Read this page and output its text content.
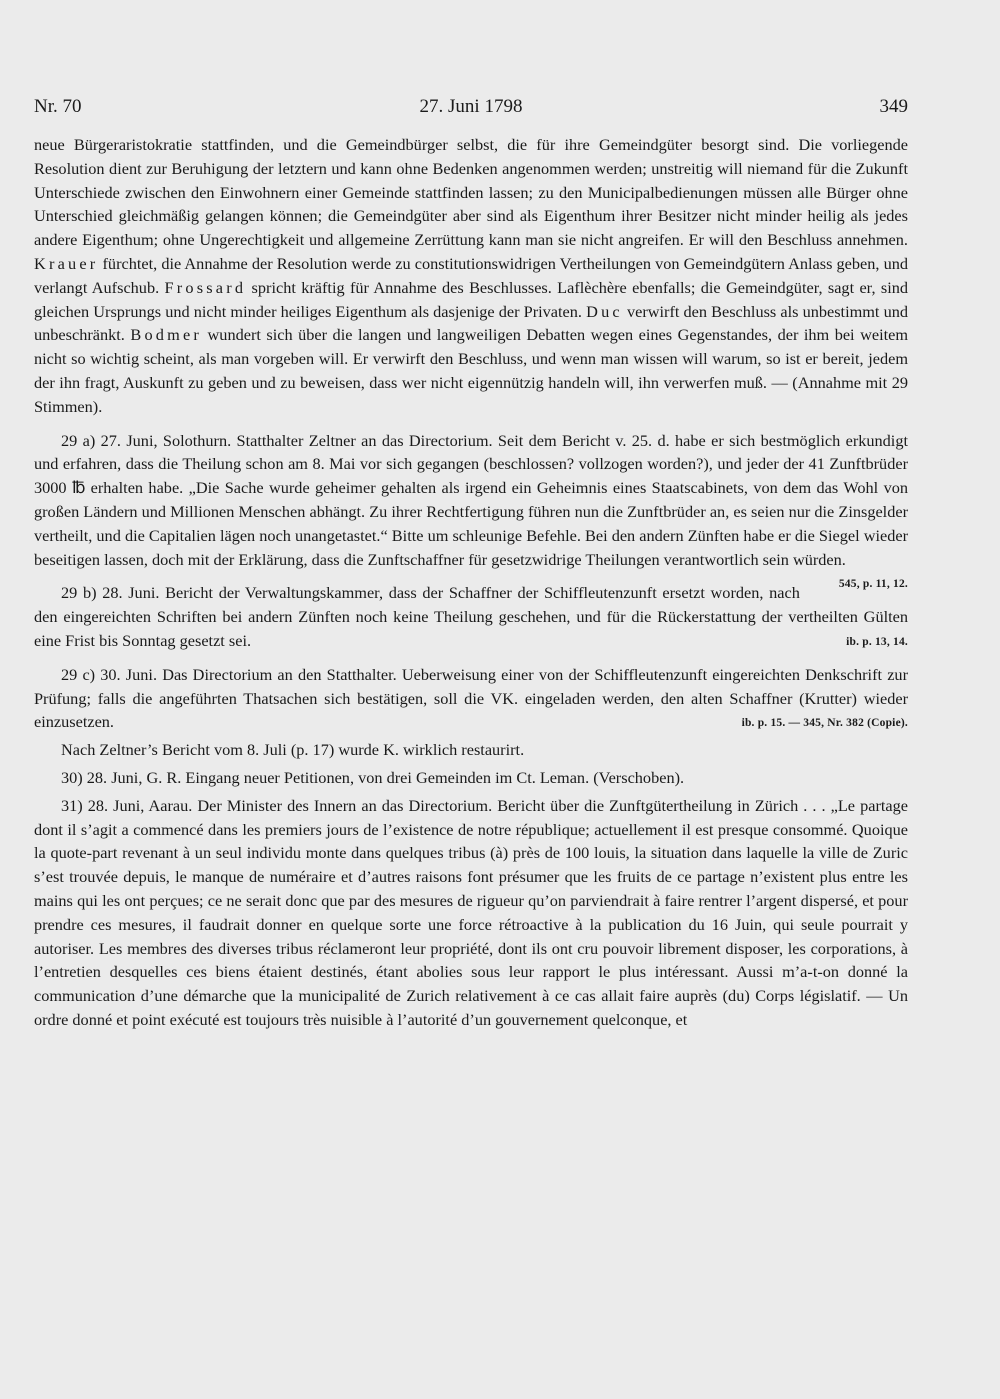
Nr. 70	27. Juni 1798	349

neue Bürgeraristokratie stattfinden, und die Gemeindbürger selbst, die für ihre Gemeindgüter besorgt sind. Die vorliegende Resolution dient zur Beruhigung der letztern und kann ohne Bedenken angenommen werden; unstreitig will niemand für die Zukunft Unterschiede zwischen den Einwohnern einer Gemeinde stattfinden lassen; zu den Municipalbedienungen müssen alle Bürger ohne Unterschied gleichmäßig gelangen können; die Gemeindgüter aber sind als Eigenthum ihrer Besitzer nicht minder heilig als jedes andere Eigenthum; ohne Ungerechtigkeit und allgemeine Zerrüttung kann man sie nicht angreifen. Er will den Beschluss annehmen. Krauer fürchtet, die Annahme der Resolution werde zu constitutionswidrigen Vertheilungen von Gemeindgütern Anlass geben, und verlangt Aufschub. Frossard spricht kräftig für Annahme des Beschlusses. Laflèchère ebenfalls; die Gemeindgüter, sagt er, sind gleichen Ursprungs und nicht minder heiliges Eigenthum als dasjenige der Privaten. Duc verwirft den Beschluss als unbestimmt und unbeschränkt. Bodmer wundert sich über die langen und langweiligen Debatten wegen eines Gegenstandes, der ihm bei weitem nicht so wichtig scheint, als man vorgeben will. Er verwirft den Beschluss, und wenn man wissen will warum, so ist er bereit, jedem der ihn fragt, Auskunft zu geben und zu beweisen, dass wer nicht eigennützig handeln will, ihn verwerfen muß. — (Annahme mit 29 Stimmen).

29 a) 27. Juni, Solothurn. Statthalter Zeltner an das Directorium. Seit dem Bericht v. 25. d. habe er sich bestmöglich erkundigt und erfahren, dass die Theilung schon am 8. Mai vor sich gegangen (beschlossen? vollzogen worden?), und jeder der 41 Zunftbrüder 3000 ℔ erhalten habe. „Die Sache wurde geheimer gehalten als irgend ein Geheimnis eines Staatscabinets, von dem das Wohl von großen Ländern und Millionen Menschen abhängt. Zu ihrer Rechtfertigung führen nun die Zunftbrüder an, es seien nur die Zinsgelder vertheilt, und die Capitalien lägen noch unangetastet.“ Bitte um schleunige Befehle. Bei den andern Zünften habe er die Siegel wieder beseitigen lassen, doch mit der Erklärung, dass die Zunftschaffner für gesetzwidrige Theilungen verantwortlich sein würden.
545, p. 11, 12.

29 b) 28. Juni. Bericht der Verwaltungskammer, dass der Schaffner der Schiffleutenzunft ersetzt worden, nach den eingereichten Schriften bei andern Zünften noch keine Theilung geschehen, und für die Rückerstattung der vertheilten Gülten eine Frist bis Sonntag gesetzt sei.	ib. p. 13, 14.

29 c) 30. Juni. Das Directorium an den Statthalter. Ueberweisung einer von der Schiffleutenzunft eingereichten Denkschrift zur Prüfung; falls die angeführten Thatsachen sich bestätigen, soll die VK. eingeladen werden, den alten Schaffner (Krutter) wieder einzusetzen.	ib. p. 15. — 345, Nr. 382 (Copie).

Nach Zeltner’s Bericht vom 8. Juli (p. 17) wurde K. wirklich restaurirt.

30) 28. Juni, G. R. Eingang neuer Petitionen, von drei Gemeinden im Ct. Leman. (Verschoben).

31) 28. Juni, Aarau. Der Minister des Innern an das Directorium. Bericht über die Zunftgütertheilung in Zürich . . . „Le partage dont il s’agit a commencé dans les premiers jours de l’existence de notre république; actuellement il est presque consommé. Quoique la quote-part revenant à un seul individu monte dans quelques tribus (à) près de 100 louis, la situation dans laquelle la ville de Zuric s’est trouvée depuis, le manque de numéraire et d’autres raisons font présumer que les fruits de ce partage n’existent plus entre les mains qui les ont perçues; ce ne serait donc que par des mesures de rigueur qu’on parviendrait à faire rentrer l’argent dispersé, et pour prendre ces mesures, il faudrait donner en quelque sorte une force rétroactive à la publication du 16 Juin, qui seule pourrait y autoriser. Les membres des diverses tribus réclameront leur propriété, dont ils ont cru pouvoir librement disposer, les corporations, à l’entretien desquelles ces biens étaient destinés, étant abolies sous leur rapport le plus intéressant. Aussi m’a-t-on donné la communication d’une démarche que la municipalité de Zurich relativement à ce cas allait faire auprès (du) Corps législatif. — Un ordre donné et point exécuté est toujours très nuisible à l’autorité d’un gouvernement quelconque, et
